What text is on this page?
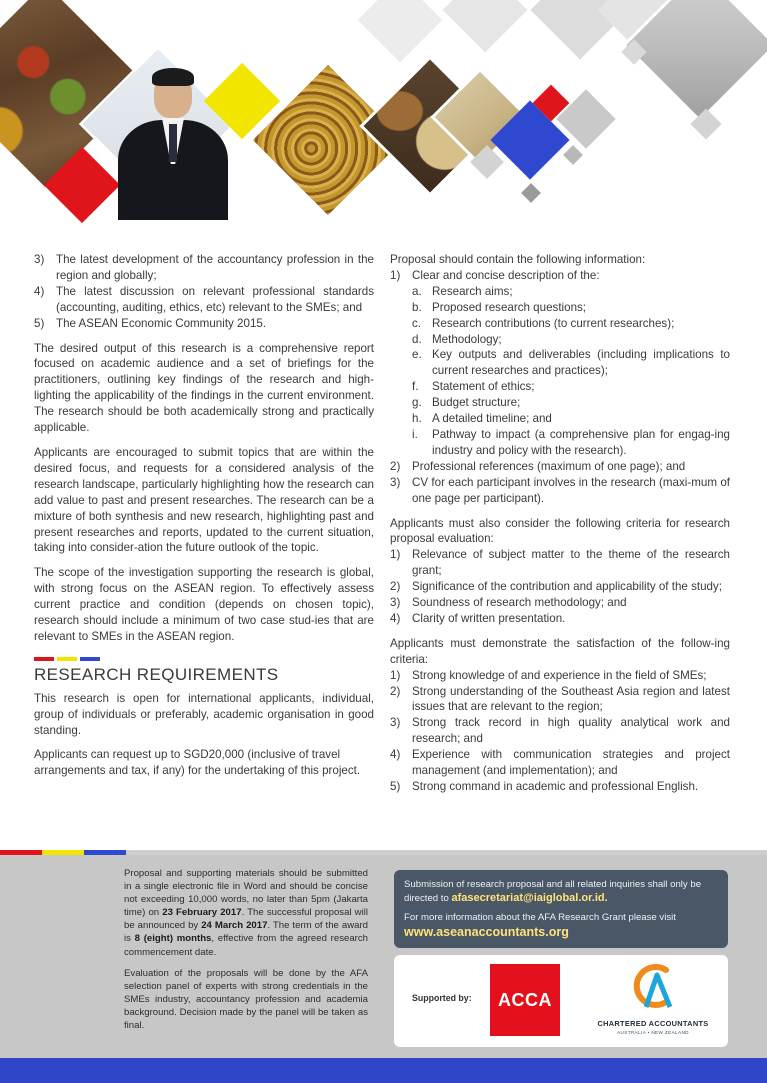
3) The latest development of the accountancy profession in the region and globally;
4) The latest discussion on relevant professional standards (accounting, auditing, ethics, etc) relevant to the SMEs; and
5) The ASEAN Economic Community 2015.

The desired output of this research is a comprehensive report focused on academic audience and a set of briefings for the practitioners, outlining key findings of the research and high-lighting the applicability of the findings in the current environment. The research should be both academically strong and practically applicable.

Applicants are encouraged to submit topics that are within the desired focus, and requests for a considered analysis of the research landscape, particularly highlighting how the research can add value to past and present researches. The research can be a mixture of both synthesis and new research, highlighting past and present researches and reports, updated to the current situation, taking into consider-ation the future outlook of the topic.

The scope of the investigation supporting the research is global, with strong focus on the ASEAN region. To effectively assess current practice and condition (depends on chosen topic), research should include a minimum of two case stud-ies that are relevant to SMEs in the ASEAN region.

RESEARCH REQUIREMENTS

This research is open for international applicants, individual, group of individuals or preferably, academic organisation in good standing.

Applicants can request up to SGD20,000 (inclusive of travel arrangements and tax, if any) for the undertaking of this project.

Proposal should contain the following information:

1) Clear and concise description of the:
a. Research aims;
b. Proposed research questions;
c. Research contributions (to current researches);
d. Methodology;
e. Key outputs and deliverables (including implications to current researches and practices);
f. Statement of ethics;
g. Budget structure;
h. A detailed timeline; and
i. Pathway to impact (a comprehensive plan for engag-ing industry and policy with the research).
2) Professional references (maximum of one page); and
3) CV for each participant involves in the research (maxi-mum of one page per participant).

Applicants must also consider the following criteria for research proposal evaluation:

1) Relevance of subject matter to the theme of the research grant;
2) Significance of the contribution and applicability of the study;
3) Soundness of research methodology; and
4) Clarity of written presentation.

Applicants must demonstrate the satisfaction of the follow-ing criteria:

1) Strong knowledge of and experience in the field of SMEs;
2) Strong understanding of the Southeast Asia region and latest issues that are relevant to the region;
3) Strong track record in high quality analytical work and research; and
4) Experience with communication strategies and project management (and implementation); and
5) Strong command in academic and professional English.

Proposal and supporting materials should be submitted in a single electronic file in Word and should be concise not exceeding 10,000 words, no later than 5pm (Jakarta time) on 23 February 2017. The successful proposal will be announced by 24 March 2017. The term of the award is 8 (eight) months, effective from the agreed research commencement date.

Evaluation of the proposals will be done by the AFA selection panel of experts with strong credentials in the SMEs industry, accountancy profession and academia background. Decision made by the panel will be taken as final.

Submission of research proposal and all related inquiries shall only be directed to afasecretariat@iaiglobal.or.id.
For more information about the AFA Research Grant please visit
www.aseanaccountants.org
Supported by:	ACCA
CHARTERED ACCOUNTANTS
AUSTRALIA • NEW ZEALAND
